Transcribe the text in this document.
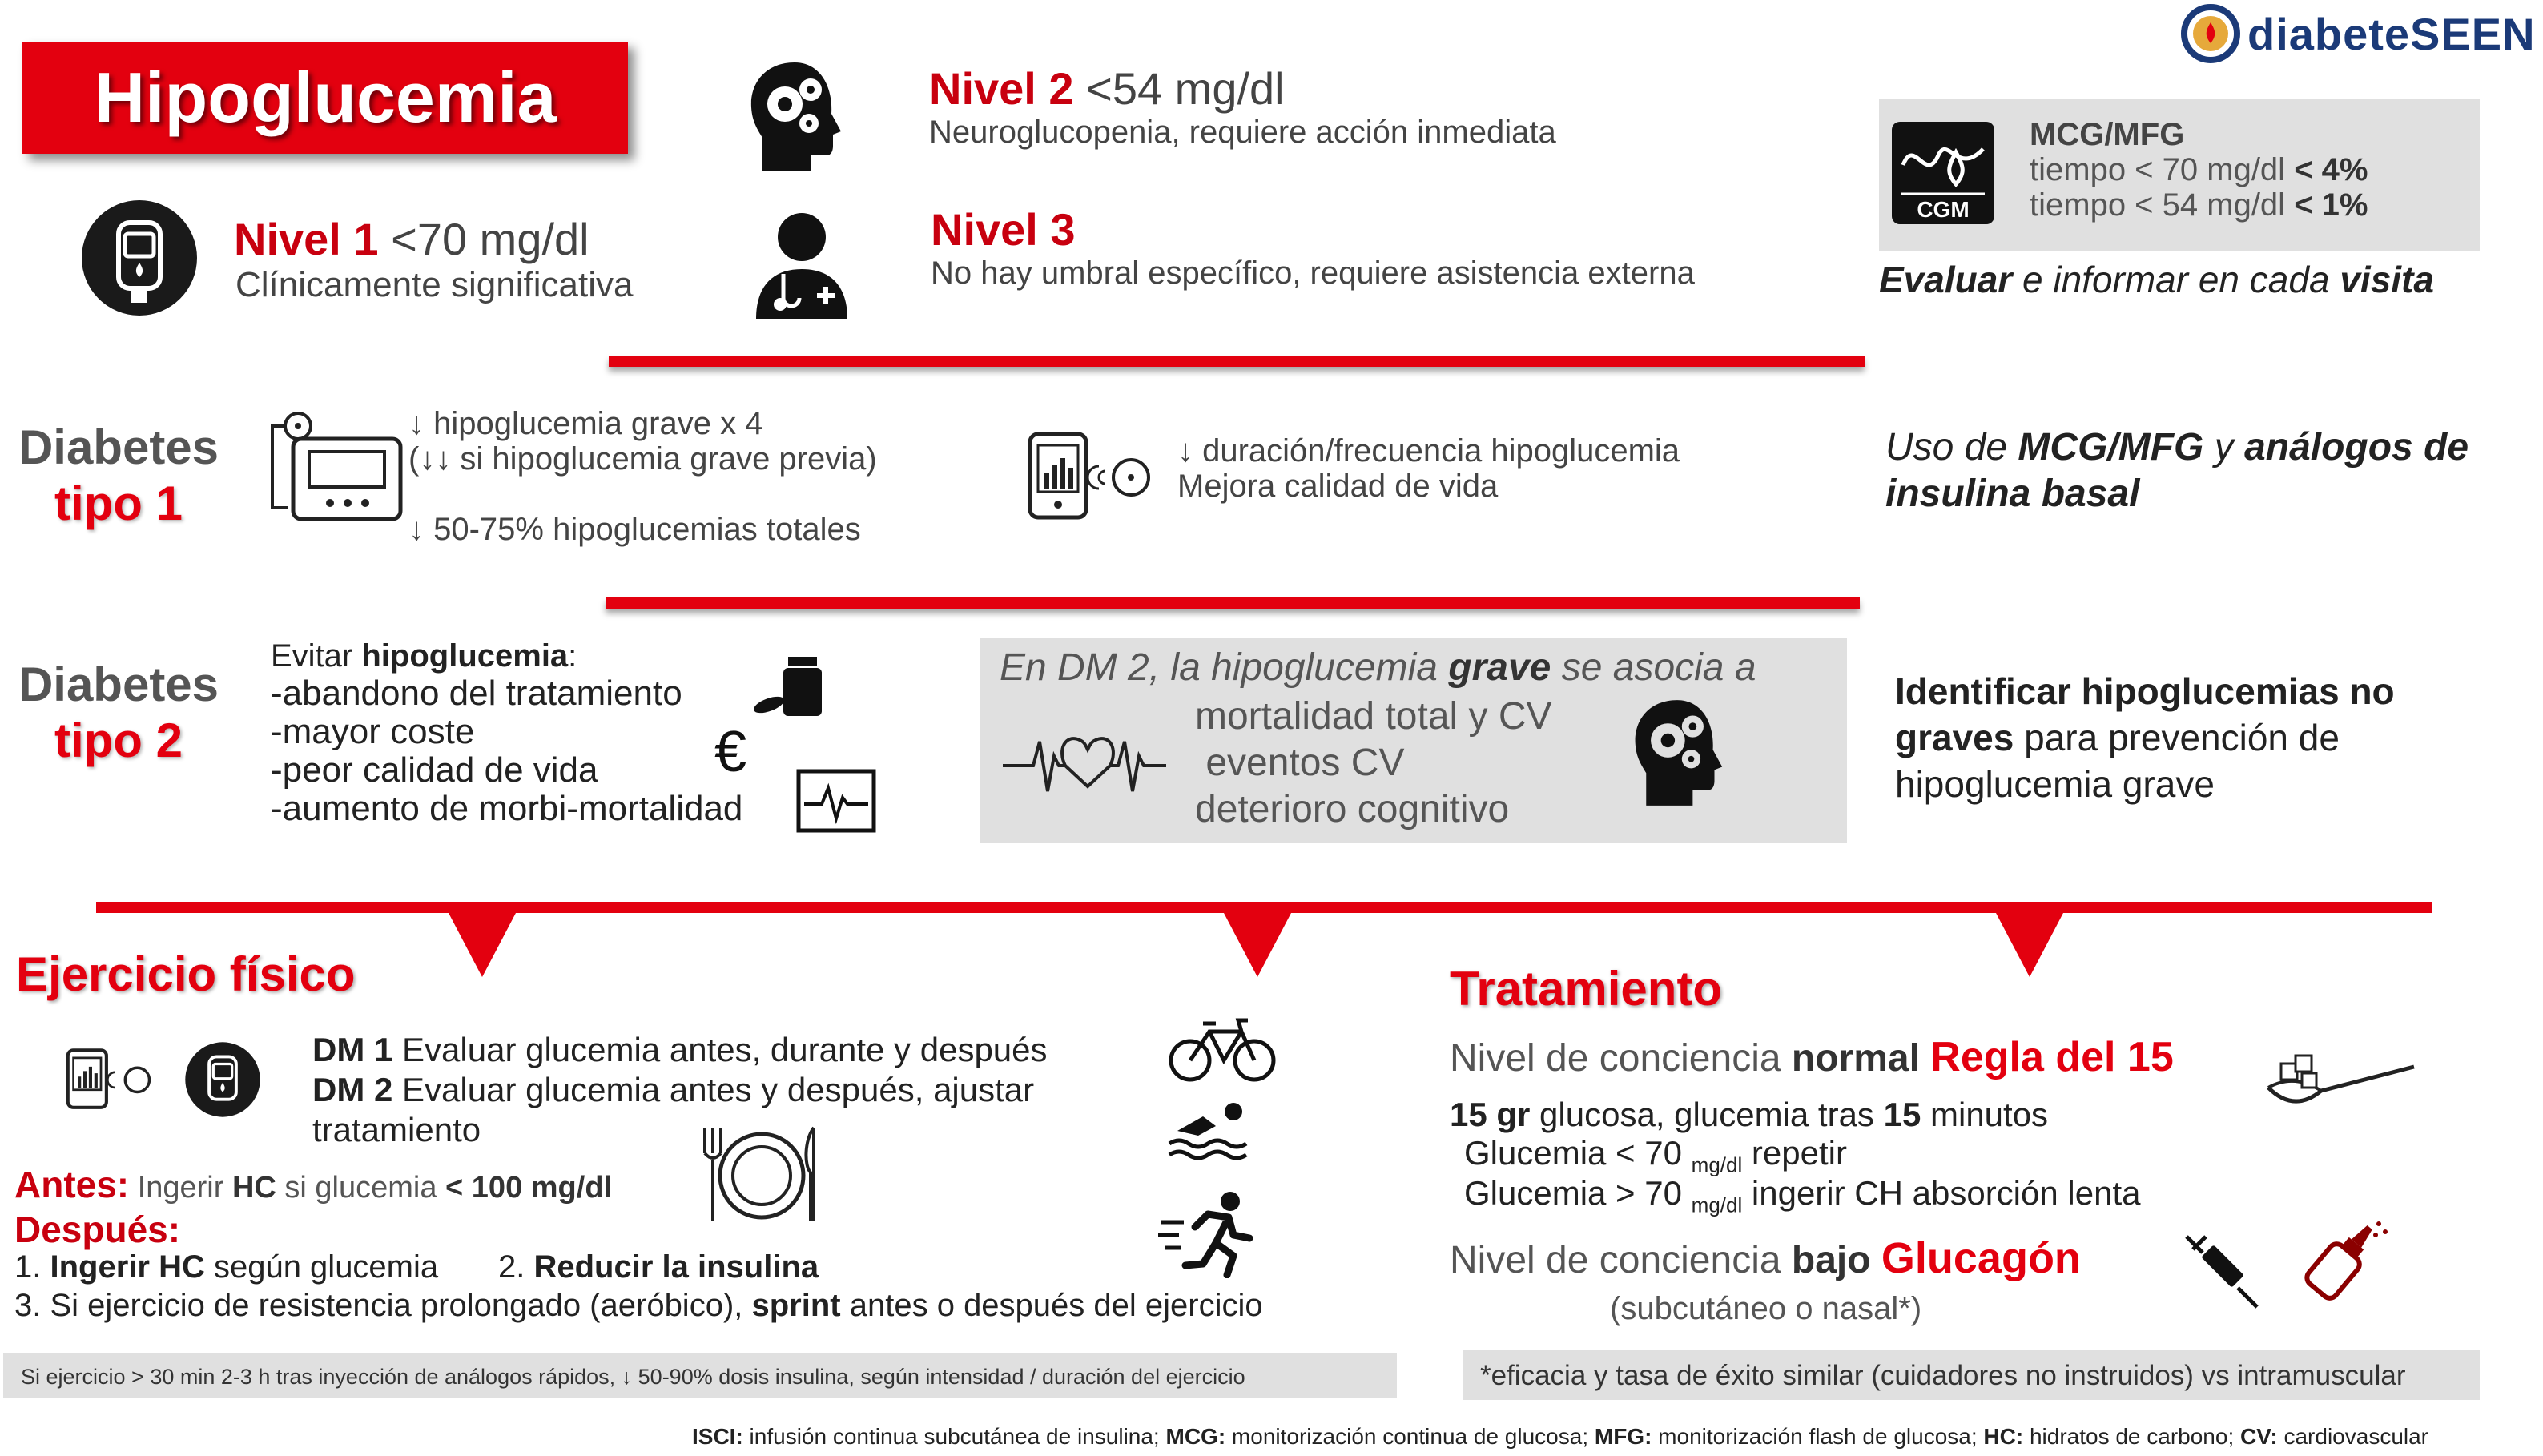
Hipoglucemia
diabeteSEEN
Nivel 1 <70 mg/dl
Clínicamente significativa
Nivel 2 <54 mg/dl
Neuroglucopenia, requiere acción inmediata
Nivel 3
No hay umbral específico, requiere asistencia externa
CGM
MCG/MFG
tiempo < 70 mg/dl < 4%
tiempo < 54 mg/dl < 1%
Evaluar e informar en cada visita
Diabetes
tipo 1
↓ hipoglucemia grave x 4
(↓↓ si hipoglucemia grave previa)
↓ 50-75% hipoglucemias totales
↓ duración/frecuencia hipoglucemia
Mejora calidad de vida
Uso de MCG/MFG y análogos de
insulina basal
Diabetes
tipo 2
Evitar hipoglucemia:
-abandono del tratamiento
-mayor coste
-peor calidad de vida
-aumento de morbi-mortalidad
€
En DM 2, la hipoglucemia grave se asocia a
mortalidad total y CV
eventos CV
deterioro cognitivo
Identificar hipoglucemias no
graves para prevención de
hipoglucemia grave
Ejercicio físico
DM 1 Evaluar glucemia antes, durante y después
DM 2 Evaluar glucemia antes y después, ajustar
tratamiento
Antes: Ingerir HC si glucemia < 100 mg/dl
Después:
1. Ingerir HC según glucemia 2. Reducir la insulina
3. Si ejercicio de resistencia prolongado (aeróbico), sprint antes o después del ejercicio
Si ejercicio > 30 min 2-3 h tras inyección de análogos rápidos, ↓ 50-90% dosis insulina, según intensidad / duración del ejercicio
Tratamiento
Nivel de conciencia normal Regla del 15
15 gr glucosa, glucemia tras 15 minutos
Glucemia < 70 $_{mg/dl}$ repetir
Glucemia > 70 $_{mg/dl}$ ingerir CH absorción lenta
Nivel de conciencia bajo Glucagón
(subcutáneo o nasal*)
*eficacia y tasa de éxito similar (cuidadores no instruidos) vs intramuscular
ISCI: infusión continua subcutánea de insulina; MCG: monitorización continua de glucosa; MFG: monitorización flash de glucosa; HC: hidratos de carbono; CV: cardiovascular
